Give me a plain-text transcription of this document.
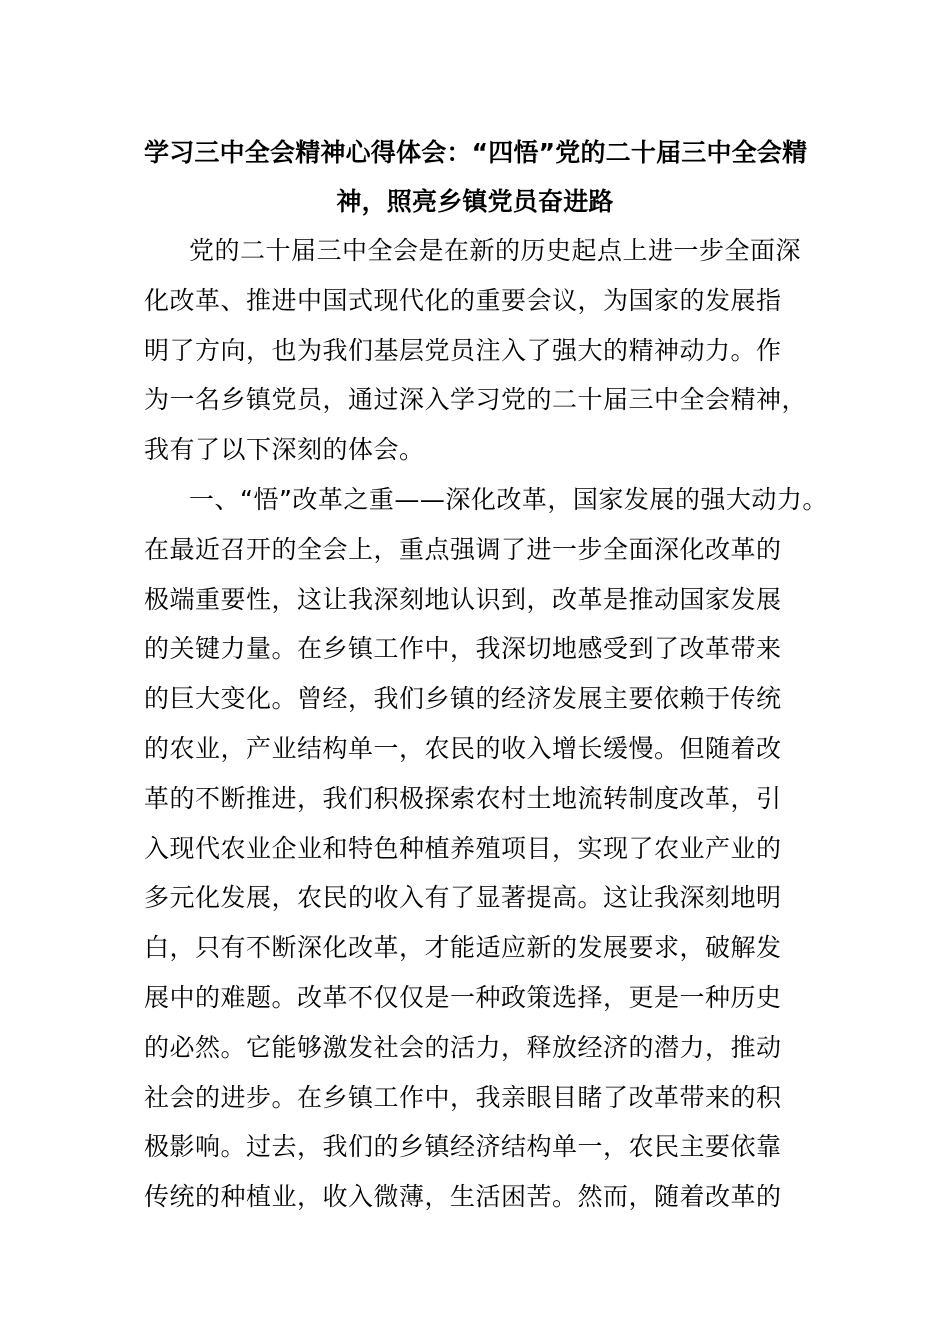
学习三中全会精神心得体会：“四悟”党的二十届三中全会精
神，照亮乡镇党员奋进路

党的二十届三中全会是在新的历史起点上进一步全面深
化改革、推进中国式现代化的重要会议，为国家的发展指
明了方向，也为我们基层党员注入了强大的精神动力。作
为一名乡镇党员，通过深入学习党的二十届三中全会精神，
我有了以下深刻的体会。

一、“悟”改革之重——深化改革，国家发展的强大动力。
在最近召开的全会上，重点强调了进一步全面深化改革的
极端重要性，这让我深刻地认识到，改革是推动国家发展
的关键力量。在乡镇工作中，我深切地感受到了改革带来
的巨大变化。曾经，我们乡镇的经济发展主要依赖于传统
的农业，产业结构单一，农民的收入增长缓慢。但随着改
革的不断推进，我们积极探索农村土地流转制度改革，引
入现代农业企业和特色种植养殖项目，实现了农业产业的
多元化发展，农民的收入有了显著提高。这让我深刻地明
白，只有不断深化改革，才能适应新的发展要求，破解发
展中的难题。改革不仅仅是一种政策选择，更是一种历史
的必然。它能够激发社会的活力，释放经济的潜力，推动
社会的进步。在乡镇工作中，我亲眼目睹了改革带来的积
极影响。过去，我们的乡镇经济结构单一，农民主要依靠
传统的种植业，收入微薄，生活困苦。然而，随着改革的
